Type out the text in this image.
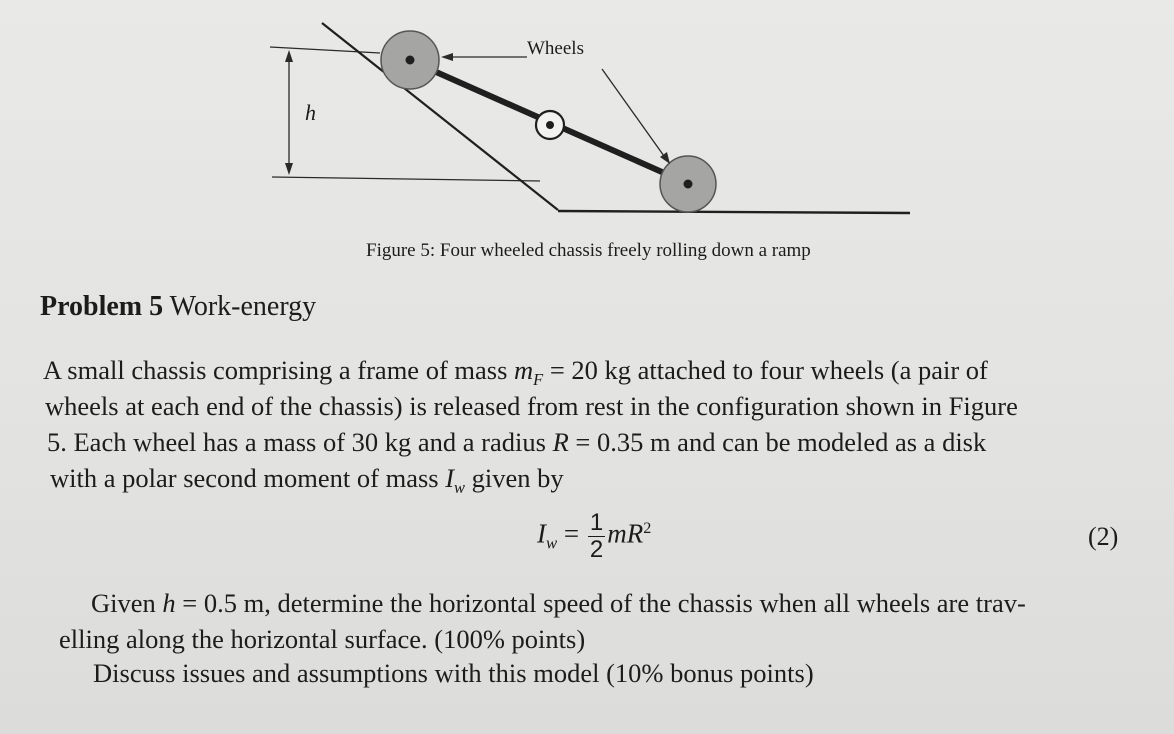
h
Wheels
Figure 5: Four wheeled chassis freely rolling down a ramp
Problem 5 Work-energy
A small chassis comprising a frame of mass $m_F = 20$ kg attached to four wheels (a pair of
wheels at each end of the chassis) is released from rest in the configuration shown in Figure
5. Each wheel has a mass of 30 kg and a radius R = 0.35 m and can be modeled as a disk
with a polar second moment of mass $I_w$ given by
$I_w = \frac{1}{2} mR^2$	(2)
Given h = 0.5 m, determine the horizontal speed of the chassis when all wheels are trav-
elling along the horizontal surface. (100% points)
Discuss issues and assumptions with this model (10% bonus points)
